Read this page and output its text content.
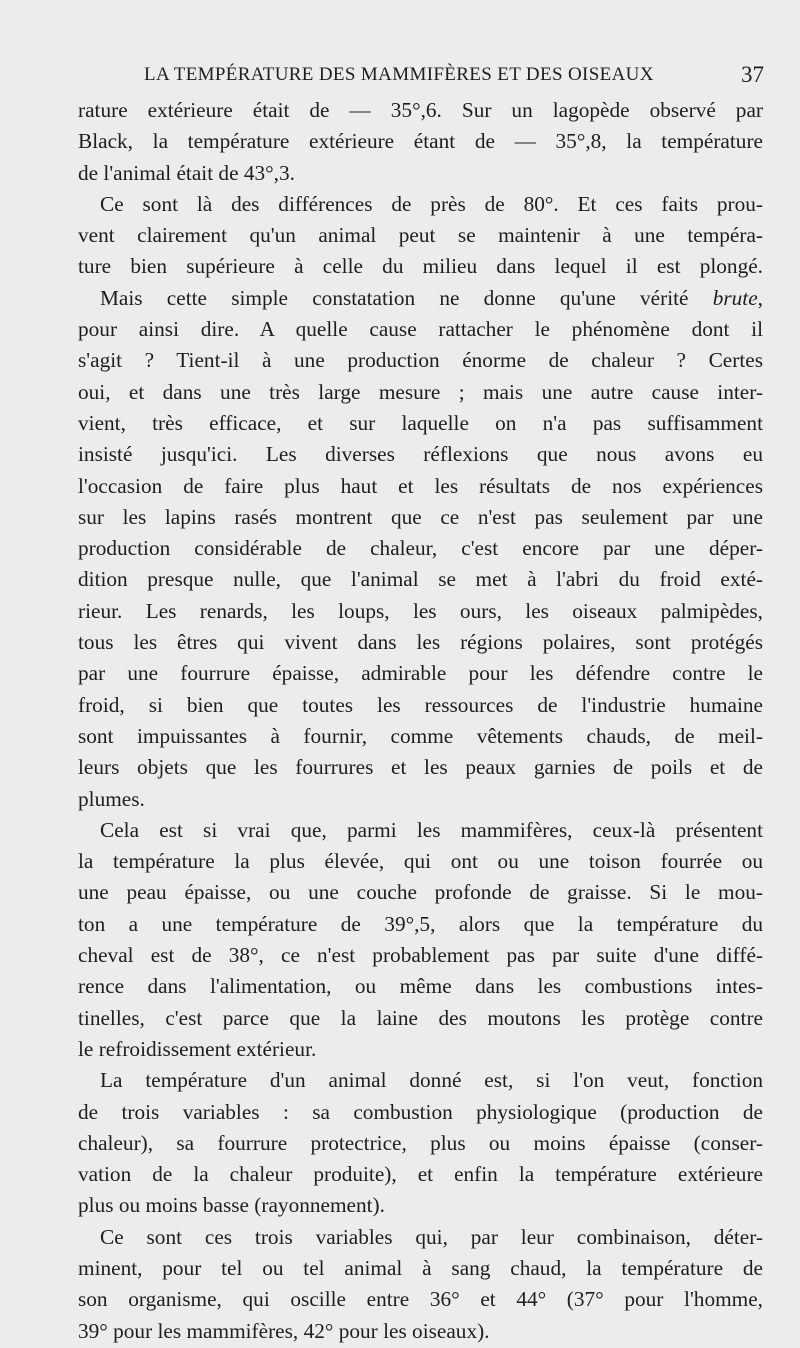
LA TEMPÉRATURE DES MAMMIFÈRES ET DES OISEAUX	37
rature extérieure était de — 35°,6. Sur un lagopède observé par
Black, la température extérieure étant de — 35°,8, la température
de l'animal était de 43°,3.
Ce sont là des différences de près de 80°. Et ces faits prou-
vent clairement qu'un animal peut se maintenir à une tempéra-
ture bien supérieure à celle du milieu dans lequel il est plongé.
Mais cette simple constatation ne donne qu'une vérité brute,
pour ainsi dire. A quelle cause rattacher le phénomène dont il
s'agit ? Tient-il à une production énorme de chaleur ? Certes
oui, et dans une très large mesure ; mais une autre cause inter-
vient, très efficace, et sur laquelle on n'a pas suffisamment
insisté jusqu'ici. Les diverses réflexions que nous avons eu
l'occasion de faire plus haut et les résultats de nos expériences
sur les lapins rasés montrent que ce n'est pas seulement par une
production considérable de chaleur, c'est encore par une déper-
dition presque nulle, que l'animal se met à l'abri du froid exté-
rieur. Les renards, les loups, les ours, les oiseaux palmipèdes,
tous les êtres qui vivent dans les régions polaires, sont protégés
par une fourrure épaisse, admirable pour les défendre contre le
froid, si bien que toutes les ressources de l'industrie humaine
sont impuissantes à fournir, comme vêtements chauds, de meil-
leurs objets que les fourrures et les peaux garnies de poils et de
plumes.
Cela est si vrai que, parmi les mammifères, ceux-là présentent
la température la plus élevée, qui ont ou une toison fourrée ou
une peau épaisse, ou une couche profonde de graisse. Si le mou-
ton a une température de 39°,5, alors que la température du
cheval est de 38°, ce n'est probablement pas par suite d'une diffé-
rence dans l'alimentation, ou même dans les combustions intes-
tinelles, c'est parce que la laine des moutons les protège contre
le refroidissement extérieur.
La température d'un animal donné est, si l'on veut, fonction
de trois variables : sa combustion physiologique (production de
chaleur), sa fourrure protectrice, plus ou moins épaisse (conser-
vation de la chaleur produite), et enfin la température extérieure
plus ou moins basse (rayonnement).
Ce sont ces trois variables qui, par leur combinaison, déter-
minent, pour tel ou tel animal à sang chaud, la température de
son organisme, qui oscille entre 36° et 44° (37° pour l'homme,
39° pour les mammifères, 42° pour les oiseaux).
